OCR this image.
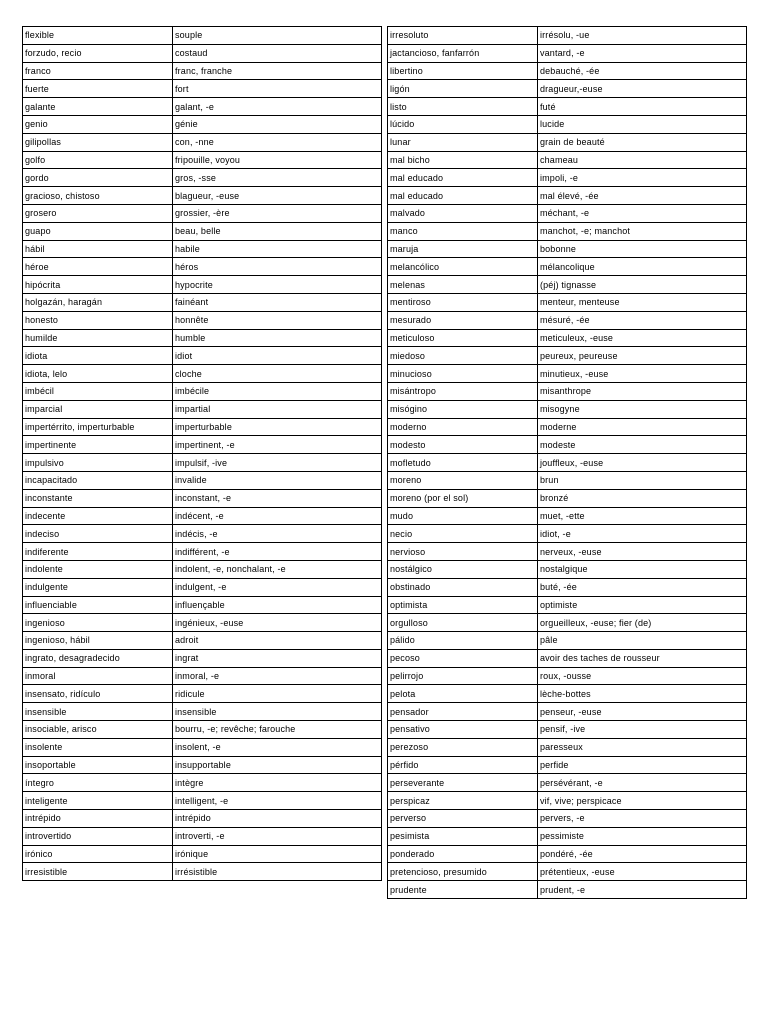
flexible	souple
forzudo, recio	costaud
franco	franc, franche
fuerte	fort
galante	galant, -e
genio	génie
gilipollas	con, -nne
golfo	fripouille, voyou
gordo	gros, -sse
gracioso, chistoso	blagueur, -euse
grosero	grossier, -ère
guapo	beau, belle
hábil	habile
héroe	héros
hipócrita	hypocrite
holgazán, haragán	fainéant
honesto	honnête
humilde	humble
idiota	idiot
idiota, lelo	cloche
imbécil	imbécile
imparcial	impartial
impertérrito, imperturbable	imperturbable
impertinente	impertinent, -e
impulsivo	impulsif, -ive
incapacitado	invalide
inconstante	inconstant, -e
indecente	indécent, -e
indeciso	indécis, -e
indiferente	indifférent, -e
indolente	indolent, -e, nonchalant, -e
indulgente	indulgent, -e
influenciable	influençable
ingenioso	ingénieux, -euse
ingenioso, hábil	adroit
ingrato, desagradecido	ingrat
inmoral	inmoral, -e
insensato, ridículo	ridicule
insensible	insensible
insociable, arisco	bourru, -e; revêche; farouche
insolente	insolent, -e
insoportable	insupportable
íntegro	intègre
inteligente	intelligent, -e
intrépido	intrépido
introvertido	introverti, -e
irónico	irónique
irresistible	irrésistible
irresoluto	irrésolu, -ue
jactancioso, fanfarrón	vantard, -e
libertino	debauché, -ée
ligón	dragueur,-euse
listo	futé
lúcido	lucide
lunar	grain de beauté
mal bicho	chameau
mal educado	impoli, -e
mal educado	mal élevé, -ée
malvado	méchant, -e
manco	manchot, -e; manchot
maruja	bobonne
melancólico	mélancolique
melenas	(péj) tignasse
mentiroso	menteur, menteuse
mesurado	mésuré, -ée
meticuloso	meticuleux, -euse
miedoso	peureux, peureuse
minucioso	minutieux, -euse
misántropo	misanthrope
misógino	misogyne
moderno	moderne
modesto	modeste
mofletudo	jouffleux, -euse
moreno	brun
moreno (por el sol)	bronzé
mudo	muet, -ette
necio	idiot, -e
nervioso	nerveux, -euse
nostálgico	nostalgique
obstinado	buté, -ée
optimista	optimiste
orgulloso	orgueilleux, -euse; fier (de)
pálido	pâle
pecoso	avoir des taches de rousseur
pelirrojo	roux, -ousse
pelota	lèche-bottes
pensador	penseur, -euse
pensativo	pensif, -ive
perezoso	paresseux
pérfido	perfide
perseverante	persévérant, -e
perspicaz	vif, vive; perspicace
perverso	pervers, -e
pesimista	pessimiste
ponderado	pondéré, -ée
pretencioso, presumido	prétentieux, -euse
prudente	prudent, -e
